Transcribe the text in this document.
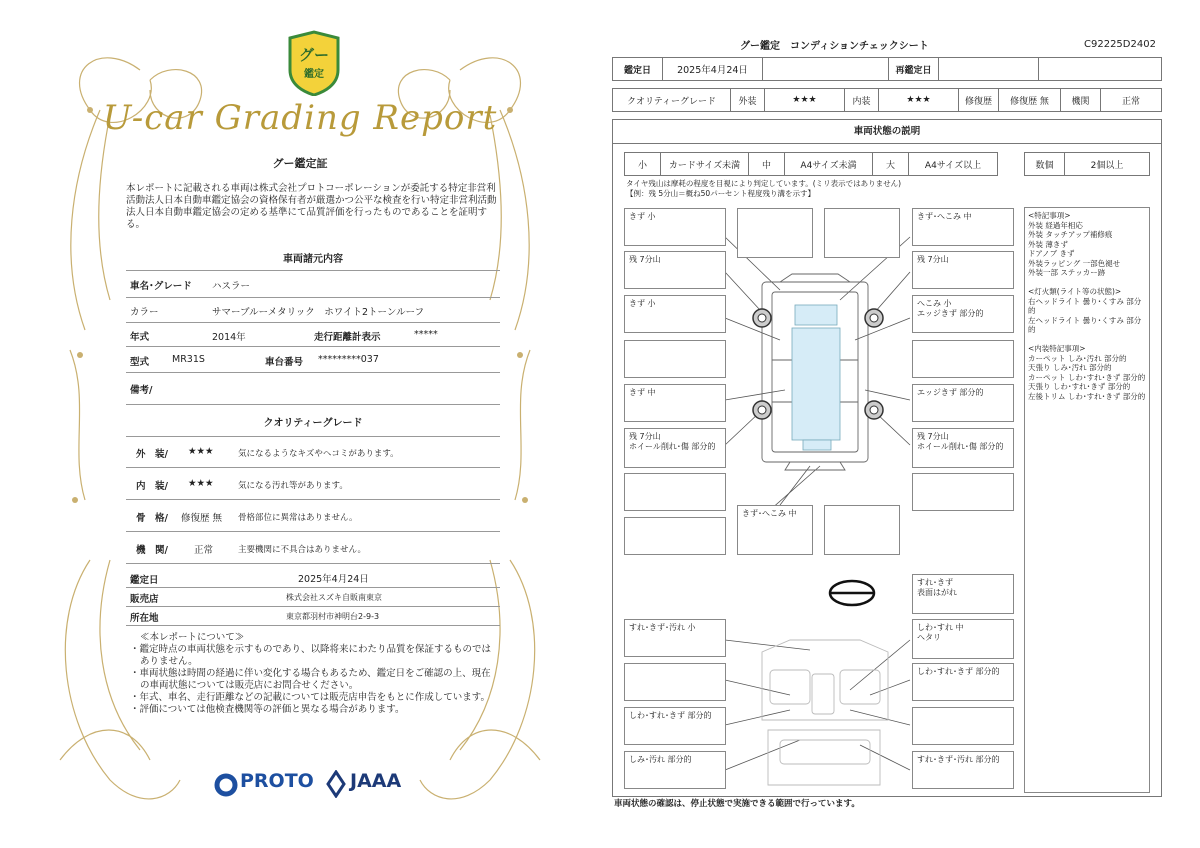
グー
鑑定
U-car Grading Report
グー鑑定証
本レポートに記載される車両は株式会社プロトコーポレーションが委託する特定非営利活動法人日本自動車鑑定協会の資格保有者が厳選かつ公平な検査を行い特定非営利活動法人日本自動車鑑定協会の定める基準にて品質評価を行ったものであることを証明する。
車両諸元内容
車名･グレード ハスラー
カラー	サマーブルーメタリック　ホワイト2トーンルーフ
年式	2014年	走行距離計表示	*****
型式 MR31S	車台番号 *********037
備考/
クオリティーグレード
外　装/ ★★★	気になるようなキズやヘコミがあります。
内　装/ ★★★	気になる汚れ等があります。
骨　格/ 修復歴 無 骨格部位に異常はありません。
機　関/	正常	主要機関に不具合はありません。
鑑定日	2025年4月24日
販売店	株式会社スズキ自販南東京
所在地	東京都羽村市神明台2-9-3
≪本レポートについて≫
・鑑定時点の車両状態を示すものであり、以降将来にわたり品質を保証するものではありません。
・車両状態は時間の経過に伴い変化する場合もあるため、鑑定日をご確認の上、現在の車両状態については販売店にお問合せください。
・年式、車名、走行距離などの記載については販売店申告をもとに作成しています。
・評価については他検査機関等の評価と異なる場合があります。
PROTO JAAA
グー鑑定　コンディションチェックシート	C92225D2402
鑑定日	2025年4月24日		再鑑定日		
クオリティーグレード	外装	★★★	内装	★★★	修復歴	修復歴 無	機関	正常
車両状態の説明
小	カードサイズ未満	中	A4サイズ未満	大	A4サイズ以上	数個	2個以上
タイヤ残山は摩耗の程度を目視により判定しています。(ミリ表示ではありません)
【例：残 5分山＝概ね50パーセント程度残り溝を示す】
きず 小
残 7分山
きず 小
きず 中
残 7分山
ホイール削れ･傷 部分的
きず･へこみ 中
きず･へこみ 中
残 7分山
へこみ 小
エッジきず 部分的
エッジきず 部分的
残 7分山
ホイール削れ･傷 部分的
すれ･きず
表面はがれ
すれ･きず･汚れ 小	しわ･すれ 中
ヘタリ
しわ･すれ･きず 部分的
しわ･すれ･きず 部分的
しみ･汚れ 部分的	すれ･きず･汚れ 部分的
<特記事項>
外装 経過年相応
外装 タッチアップ補修痕
外装 薄きず
ドアノブ きず
外装ラッピング 一部色褪せ
外装一部 ステッカー跡
<灯火類(ライト等の状態)>
右ヘッドライト 曇り･くすみ 部分的
左ヘッドライト 曇り･くすみ 部分的
<内装特記事項>
カーペット しみ･汚れ 部分的
天張り しみ･汚れ 部分的
カーペット しわ･すれ･きず 部分的
天張り しわ･すれ･きず 部分的
左後トリム しわ･すれ･きず 部分的
車両状態の確認は、停止状態で実施できる範囲で行っています。
